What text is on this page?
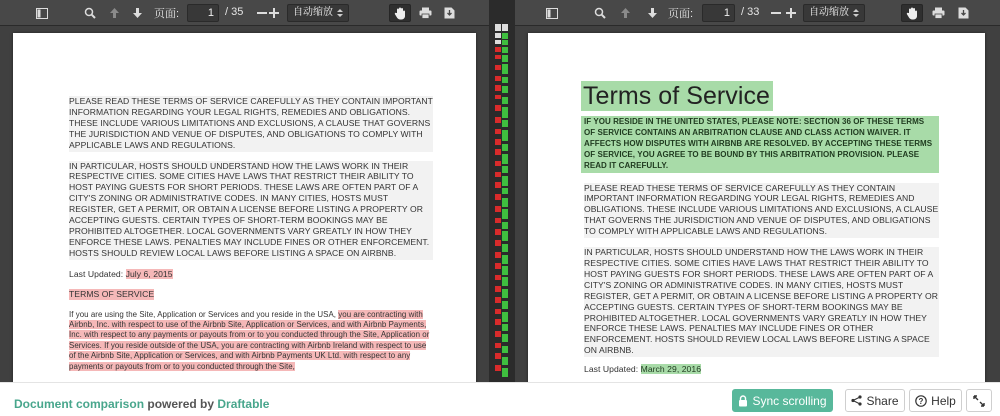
页面:	1	/ 35	自动缩放
PLEASE READ THESE TERMS OF SERVICE CAREFULLY AS THEY CONTAIN IMPORTANT INFORMATION REGARDING YOUR LEGAL RIGHTS, REMEDIES AND OBLIGATIONS. THESE INCLUDE VARIOUS LIMITATIONS AND EXCLUSIONS, A CLAUSE THAT GOVERNS THE JURISDICTION AND VENUE OF DISPUTES, AND OBLIGATIONS TO COMPLY WITH APPLICABLE LAWS AND REGULATIONS.
IN PARTICULAR, HOSTS SHOULD UNDERSTAND HOW THE LAWS WORK IN THEIR RESPECTIVE CITIES. SOME CITIES HAVE LAWS THAT RESTRICT THEIR ABILITY TO HOST PAYING GUESTS FOR SHORT PERIODS. THESE LAWS ARE OFTEN PART OF A CITY'S ZONING OR ADMINISTRATIVE CODES. IN MANY CITIES, HOSTS MUST REGISTER, GET A PERMIT, OR OBTAIN A LICENSE BEFORE LISTING A PROPERTY OR ACCEPTING GUESTS. CERTAIN TYPES OF SHORT-TERM BOOKINGS MAY BE PROHIBITED ALTOGETHER. LOCAL GOVERNMENTS VARY GREATLY IN HOW THEY ENFORCE THESE LAWS. PENALTIES MAY INCLUDE FINES OR OTHER ENFORCEMENT. HOSTS SHOULD REVIEW LOCAL LAWS BEFORE LISTING A SPACE ON AIRBNB.
Last Updated: July 6, 2015
TERMS OF SERVICE
If you are using the Site, Application or Services and you reside in the USA, you are contracting with Airbnb, Inc. with respect to use of the Airbnb Site, Application or Services, and with Airbnb Payments, Inc. with respect to any payments or payouts from or to you conducted through the Site, Application or Services. If you reside outside of the USA, you are contracting with Airbnb Ireland with respect to use of the Airbnb Site, Application or Services, and with Airbnb Payments UK Ltd. with respect to any payments or payouts from or to you conducted through the Site,
页面:	1	/ 33	自动缩放
Terms of Service
IF YOU RESIDE IN THE UNITED STATES, PLEASE NOTE: SECTION 36 OF THESE TERMS OF SERVICE CONTAINS AN ARBITRATION CLAUSE AND CLASS ACTION WAIVER. IT AFFECTS HOW DISPUTES WITH AIRBNB ARE RESOLVED. BY ACCEPTING THESE TERMS OF SERVICE, YOU AGREE TO BE BOUND BY THIS ARBITRATION PROVISION. PLEASE READ IT CAREFULLY.
PLEASE READ THESE TERMS OF SERVICE CAREFULLY AS THEY CONTAIN IMPORTANT INFORMATION REGARDING YOUR LEGAL RIGHTS, REMEDIES AND OBLIGATIONS. THESE INCLUDE VARIOUS LIMITATIONS AND EXCLUSIONS, A CLAUSE THAT GOVERNS THE JURISDICTION AND VENUE OF DISPUTES, AND OBLIGATIONS TO COMPLY WITH APPLICABLE LAWS AND REGULATIONS.
IN PARTICULAR, HOSTS SHOULD UNDERSTAND HOW THE LAWS WORK IN THEIR RESPECTIVE CITIES. SOME CITIES HAVE LAWS THAT RESTRICT THEIR ABILITY TO HOST PAYING GUESTS FOR SHORT PERIODS. THESE LAWS ARE OFTEN PART OF A CITY'S ZONING OR ADMINISTRATIVE CODES. IN MANY CITIES, HOSTS MUST REGISTER, GET A PERMIT, OR OBTAIN A LICENSE BEFORE LISTING A PROPERTY OR ACCEPTING GUESTS. CERTAIN TYPES OF SHORT-TERM BOOKINGS MAY BE PROHIBITED ALTOGETHER. LOCAL GOVERNMENTS VARY GREATLY IN HOW THEY ENFORCE THESE LAWS. PENALTIES MAY INCLUDE FINES OR OTHER ENFORCEMENT. HOSTS SHOULD REVIEW LOCAL LAWS BEFORE LISTING A SPACE ON AIRBNB.
Last Updated: March 29, 2016
Document comparison powered by Draftable	Sync scrolling	Share	? Help
